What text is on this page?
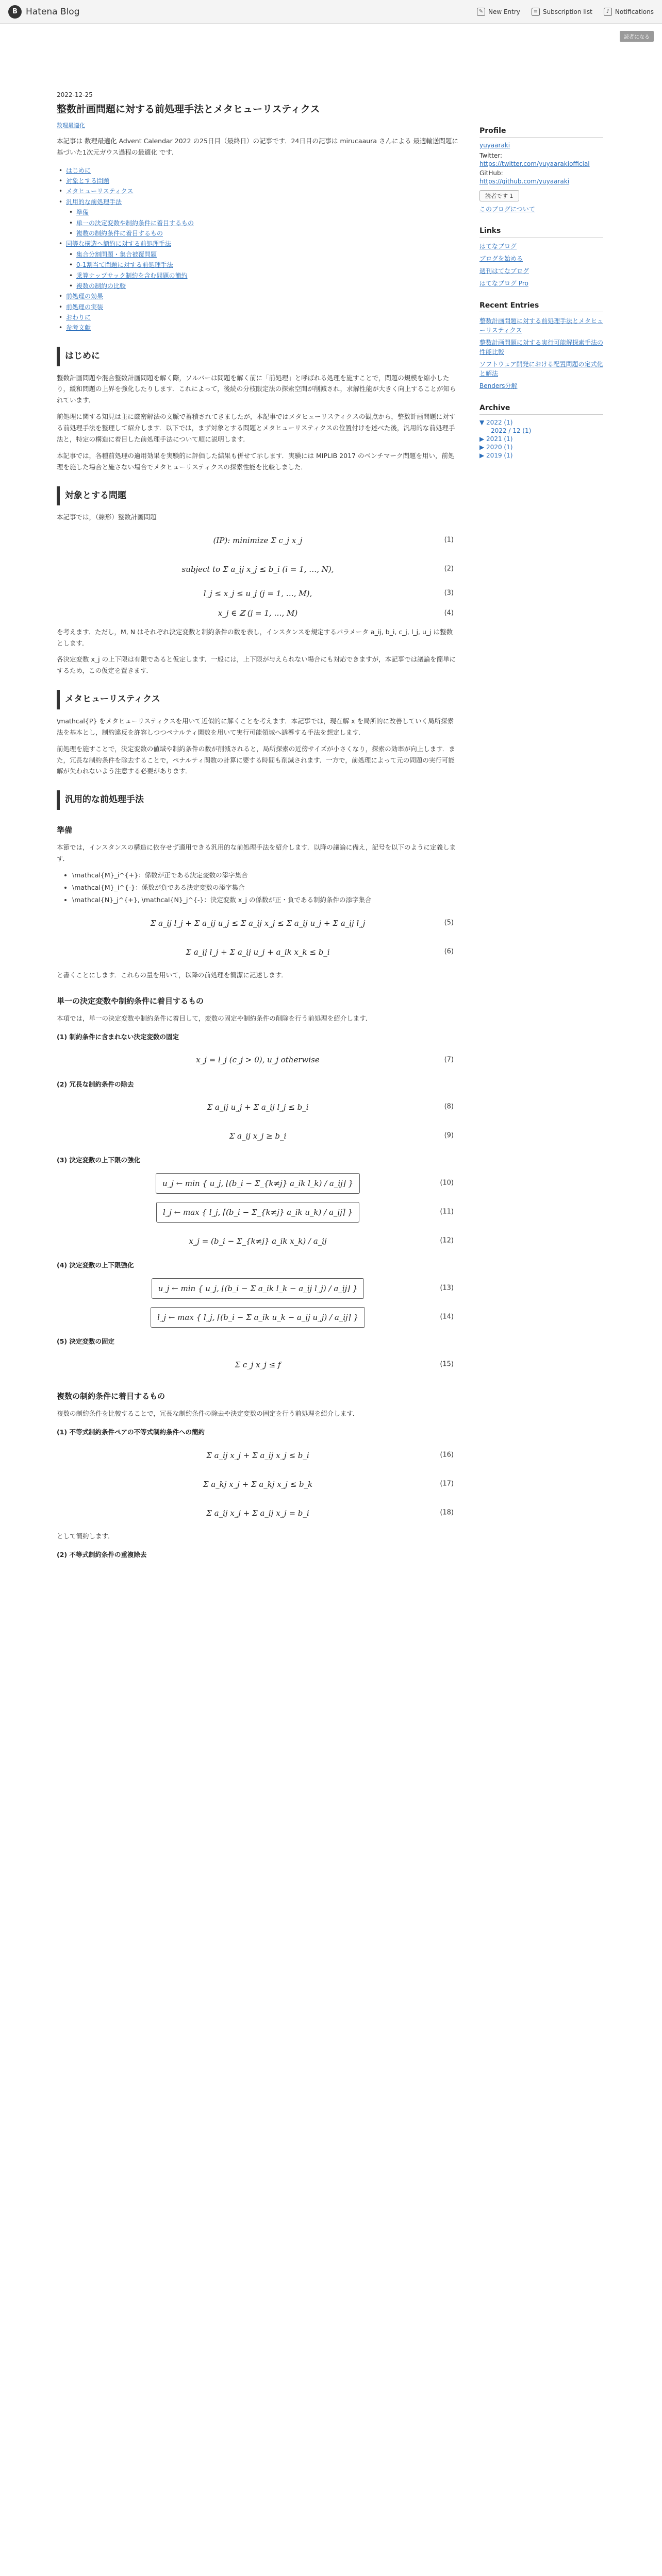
B Hatena Blog	✎ New Entry	≡ Subscription list	♪ Notifications
読者になる
2022-12-25
整数計画問題に対する前処理手法とメタヒューリスティクス
数理最適化

本記事は 数理最適化 Advent Calendar 2022 の25日目（最終日）の記事です．24日目の記事は mirucaaura さんによる 最適輸送問題に基づいた1次元ガウス過程の最適化 です．

• はじめに
• 対象とする問題
• メタヒューリスティクス
• 汎用的な前処理手法
• 準備
• 単一の決定変数や制約条件に着目するもの
• 複数の制約条件に着目するもの
• 同等な構造へ簡約に対する前処理手法
• 集合分割問題・集合被覆問題
• 0-1割当て問題に対する前処理手法
• 乗算ナップサック制約を含む問題の簡約
• 複数の制約の比較
• 前処理の効果
• 前処理の実装
• おわりに
• 参考文献
はじめに

整数計画問題や混合整数計画問題を解く際，ソルバーは問題を解く前に「前処理」と呼ばれる処理を施すことで，問題の規模を縮小したり，緩和問題の上界を強化したりします．これによって，後続の分枝限定法の探索空間が削減され，求解性能が大きく向上することが知られています．

前処理に関する知見は主に厳密解法の文脈で蓄積されてきましたが，本記事ではメタヒューリスティクスの観点から，整数計画問題に対する前処理手法を整理して紹介します．以下では，まず対象とする問題とメタヒューリスティクスの位置付けを述べた後，汎用的な前処理手法と，特定の構造に着目した前処理手法について順に説明します．

本記事では，各種前処理の適用効果を実験的に評価した結果も併せて示します．実験には MIPLIB 2017 のベンチマーク問題を用い，前処理を施した場合と施さない場合でメタヒューリスティクスの探索性能を比較しました．

対象とする問題

本記事では，（線形）整数計画問題

(IP): minimize Σ c_j x_j	(1)
subject to Σ a_ij x_j ≤ b_i (i = 1, …, N),	(2)
l_j ≤ x_j ≤ u_j (j = 1, …, M),	(3)
x_j ∈ ℤ (j = 1, …, M)	(4)

を考えます．ただし，M, N はそれぞれ決定変数と制約条件の数を表し，インスタンスを規定するパラメータ a_ij, b_i, c_j, l_j, u_j は整数とします．

各決定変数 x_j の上下限は有限であると仮定します．一般には，上下限が与えられない場合にも対応できますが，本記事では議論を簡単にするため，この仮定を置きます．

メタヒューリスティクス

\mathcal{P} をメタヒューリスティクスを用いて近似的に解くことを考えます．本記事では，現在解 x を局所的に改善していく局所探索法を基本とし，制約違反を許容しつつペナルティ関数を用いて実行可能領域へ誘導する手法を想定します．

前処理を施すことで，決定変数の値域や制約条件の数が削減されると，局所探索の近傍サイズが小さくなり，探索の効率が向上します．また，冗長な制約条件を除去することで，ペナルティ関数の計算に要する時間も削減されます．一方で，前処理によって元の問題の実行可能解が失われないよう注意する必要があります．

汎用的な前処理手法
準備

本節では，インスタンスの構造に依存せず適用できる汎用的な前処理手法を紹介します．以降の議論に備え，記号を以下のように定義します．

• \mathcal{M}_i^{+}：係数が正である決定変数の添字集合
• \mathcal{M}_i^{-}：係数が負である決定変数の添字集合
• \mathcal{N}_j^{+}, \mathcal{N}_j^{-}：決定変数 x_j の係数が正・負である制約条件の添字集合
Σ a_ij l_j + Σ a_ij u_j ≤ Σ a_ij x_j ≤ Σ a_ij u_j + Σ a_ij l_j	(5)
Σ a_ij l_j + Σ a_ij u_j + a_ik x_k ≤ b_i	(6)

と書くことにします．これらの量を用いて，以降の前処理を簡潔に記述します．

単一の決定変数や制約条件に着目するもの

本項では，単一の決定変数や制約条件に着目して，変数の固定や制約条件の削除を行う前処理を紹介します．

(1) 制約条件に含まれない決定変数の固定
x_j = l_j (c_j > 0), u_j otherwise	(7)
(2) 冗長な制約条件の除去
Σ a_ij u_j + Σ a_ij l_j ≤ b_i	(8)
Σ a_ij x_j ≥ b_i	(9)
(3) 決定変数の上下限の強化
u_j ← min { u_j, ⌊(b_i − Σ_{k≠j} a_ik l_k) / a_ij⌋ }	(10)
l_j ← max { l_j, ⌈(b_i − Σ_{k≠j} a_ik u_k) / a_ij⌉ }	(11)
x_j = (b_i − Σ_{k≠j} a_ik x_k) / a_ij	(12)
(4) 決定変数の上下限強化
u_j ← min { u_j, ⌊(b_i − Σ a_ik l_k − a_ij l_j) / a_ij⌋ }	(13)
l_j ← max { l_j, ⌈(b_i − Σ a_ik u_k − a_ij u_j) / a_ij⌉ }	(14)
(5) 決定変数の固定
Σ c_j x_j ≤ f	(15)
複数の制約条件に着目するもの

複数の制約条件を比較することで，冗長な制約条件の除去や決定変数の固定を行う前処理を紹介します．

(1) 不等式制約条件ペアの不等式制約条件への簡約
Σ a_ij x_j + Σ a_ij x_j ≤ b_i	(16)
Σ a_kj x_j + Σ a_kj x_j ≤ b_k	(17)
Σ a_ij x_j + Σ a_ij x_j = b_i	(18)

として簡約します．

(2) 不等式制約条件の重複除去
Profile
yuyaaraki
Twitter:
https://twitter.com/yuyaarakiofficial
GitHub:
https://github.com/yuyaaraki
読者です 1
このブログについて
Links
はてなブログ
ブログを始める
週刊はてなブログ
はてなブログ Pro
Recent Entries
整数計画問題に対する前処理手法とメタヒューリスティクス
整数計画問題に対する実行可能解探索手法の性能比較
ソフトウェア開発における配置問題の定式化と解法
Benders分解
Archive
▼ 2022 (1)
2022 / 12 (1)
▶ 2021 (1)
▶ 2020 (1)
▶ 2019 (1)
